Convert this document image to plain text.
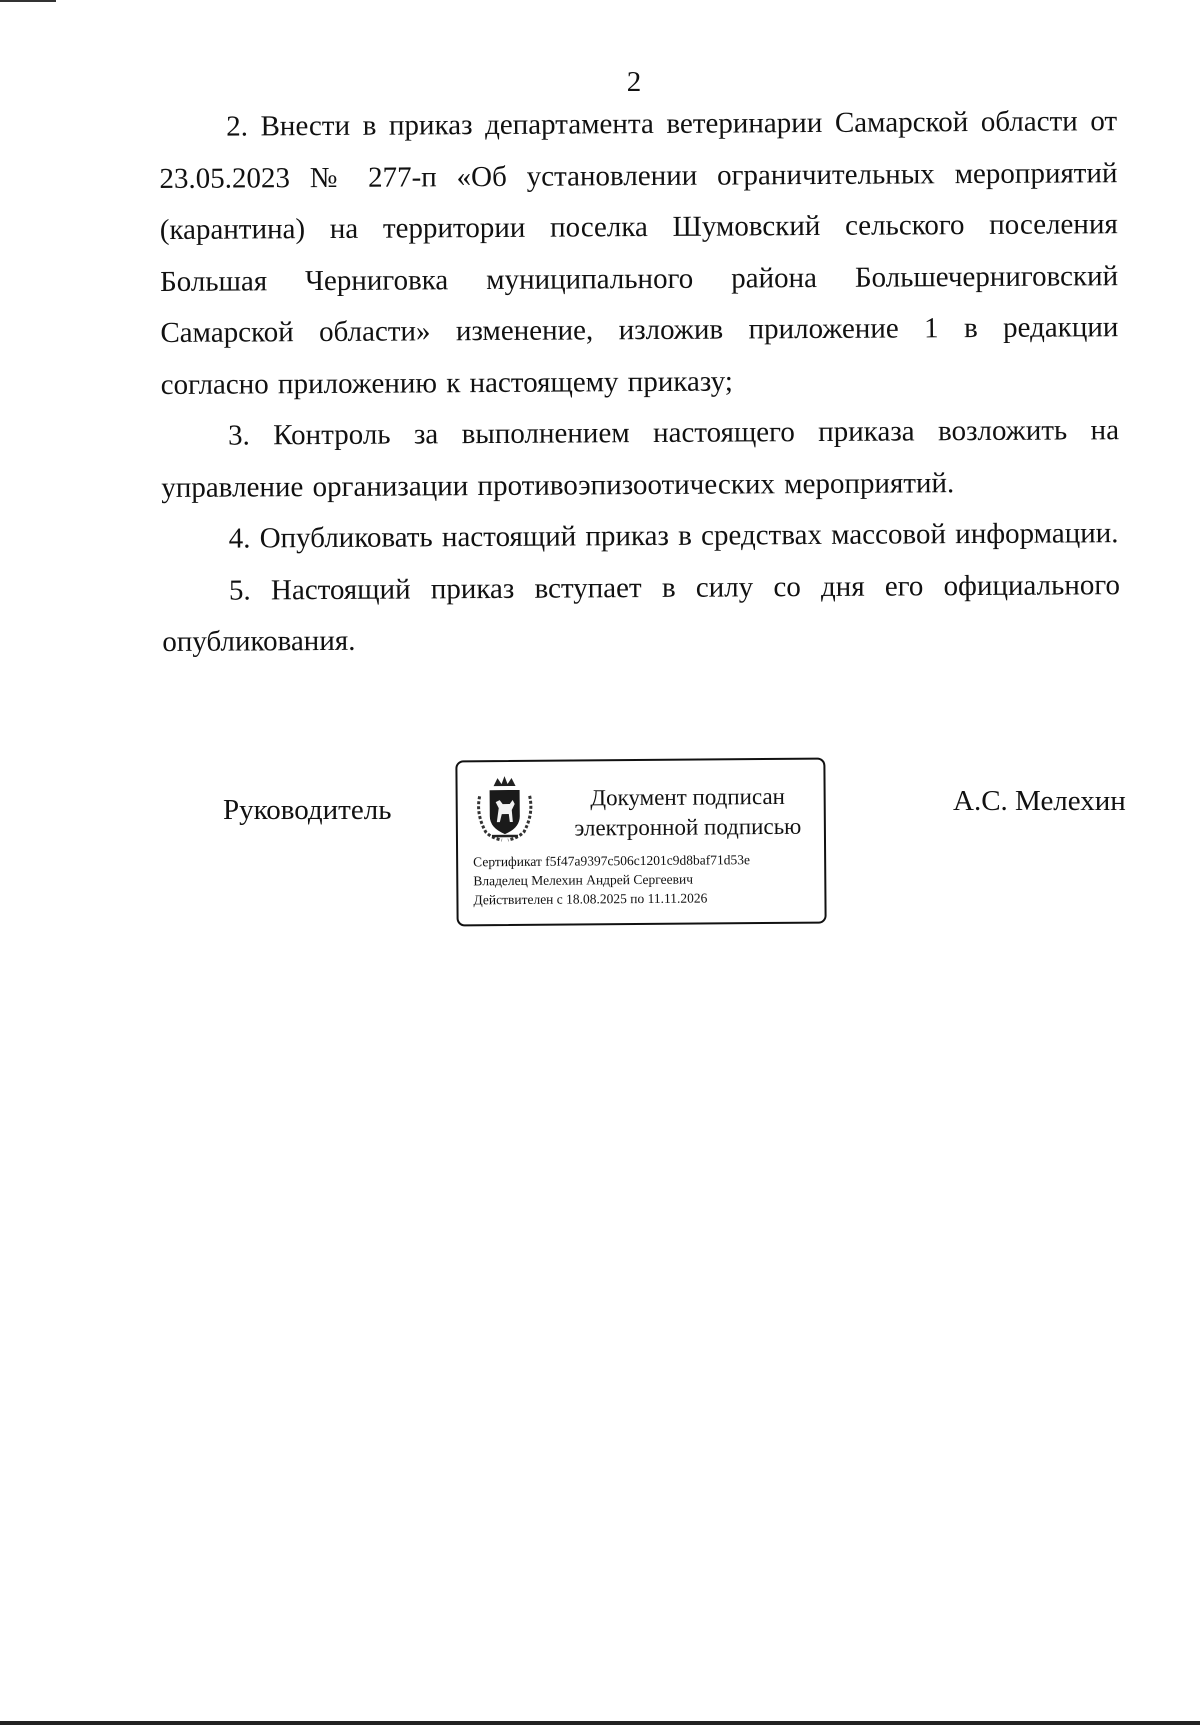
2

2. Внести в приказ департамента ветеринарии Самарской области от 23.05.2023 № 277-п «Об установлении ограничительных мероприятий (карантина) на территории поселка Шумовский сельского поселения Большая Черниговка муниципального района Большечерниговский Самарской области» изменение, изложив приложение 1 в редакции согласно приложению к настоящему приказу;

3. Контроль за выполнением настоящего приказа возложить на управление организации противоэпизоотических мероприятий.

4. Опубликовать настоящий приказ в средствах массовой информации.

5. Настоящий приказ вступает в силу со дня его официального опубликования.

Руководитель	Документ подписан
электронной подписью
Сертификат f5f47a9397c506c1201c9d8baf71d53e
Владелец Мелехин Андрей Сергеевич
Действителен с 18.08.2025 по 11.11.2026
А.С. Мелехин
